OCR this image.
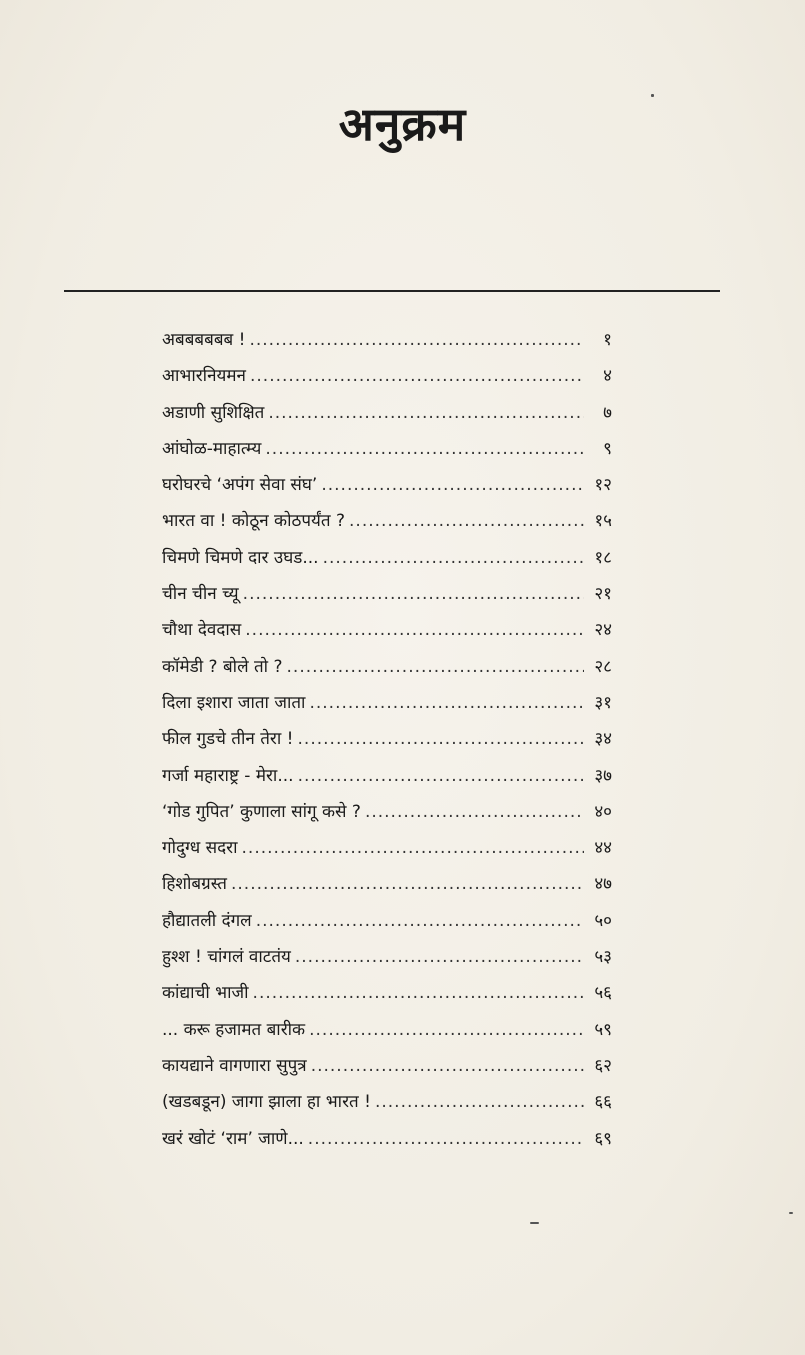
अनुक्रम
अबबबबबब ! .....	१
आभारनियमन .....	४
अडाणी सुशिक्षित .....	७
आंघोळ-माहात्म्य .....	९
घरोघरचे ‘अपंग सेवा संघ’ .....	१२
भारत वा ! कोठून कोठपर्यंत ? .....	१५
चिमणे चिमणे दार उघड... .....	१८
चीन चीन च्यू .....	२१
चौथा देवदास .....	२४
कॉमेडी ? बोले तो ? .....	२८
दिला इशारा जाता जाता .....	३१
फील गुडचे तीन तेरा ! .....	३४
गर्जा महाराष्ट्र - मेरा... .....	३७
‘गोड गुपित’ कुणाला सांगू कसे ? .....	४०
गोदुग्ध सदरा .....	४४
हिशोबग्रस्त .....	४७
हौद्यातली दंगल .....	५०
हुश्श ! चांगलं वाटतंय .....	५३
कांद्याची भाजी .....	५६
... करू हजामत बारीक .....	५९
कायद्याने वागणारा सुपुत्र .....	६२
(खडबडून) जागा झाला हा भारत ! .....	६६
खरं खोटं ‘राम’ जाणे... .....	६९
